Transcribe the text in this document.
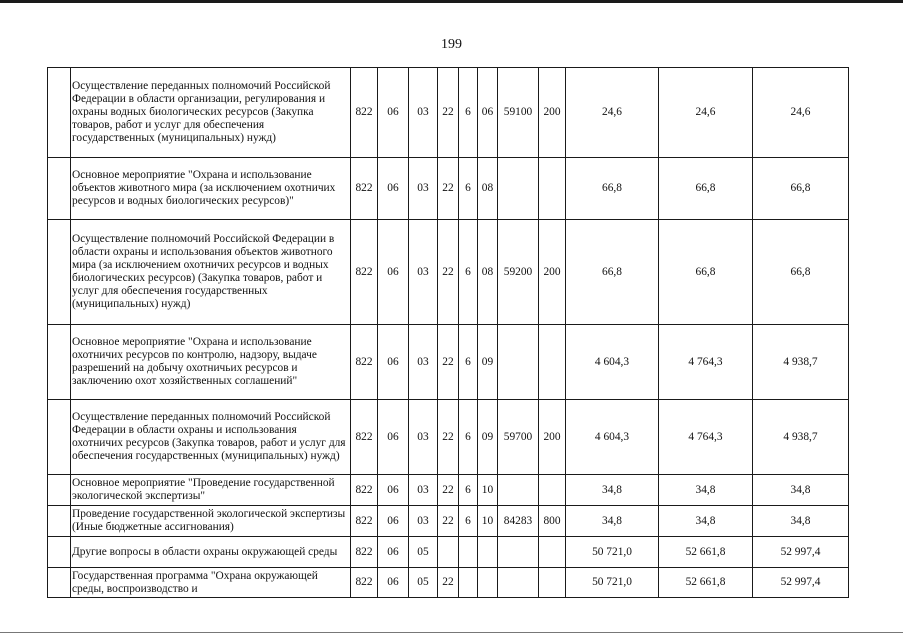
199
	Осуществление переданных полномочий Российской Федерации в области организации, регулирования и охраны водных биологических ресурсов (Закупка товаров, работ и услуг для обеспечения государственных (муниципальных) нужд)	822	06	03	22	6	06	59100	200	24,6	24,6	24,6
	Основное мероприятие "Охрана и использование объектов животного мира (за исключением охотничих ресурсов и водных биологических ресурсов)"	822	06	03	22	6	08			66,8	66,8	66,8
	Осуществление полномочий Российской Федерации в области охраны и использования объектов животного мира (за исключением охотничих ресурсов и водных биологических ресурсов) (Закупка товаров, работ и услуг для обеспечения государственных (муниципальных) нужд)	822	06	03	22	6	08	59200	200	66,8	66,8	66,8
	Основное мероприятие "Охрана и использование охотничих ресурсов по контролю, надзору, выдаче разрешений на добычу охотничьих ресурсов и заключению охот хозяйственных соглашений"	822	06	03	22	6	09			4 604,3	4 764,3	4 938,7
	Осуществление переданных полномочий Российской Федерации в области охраны и использования охотничих ресурсов (Закупка товаров, работ и услуг для обеспечения государственных (муниципальных) нужд)	822	06	03	22	6	09	59700	200	4 604,3	4 764,3	4 938,7
	Основное мероприятие "Проведение государственной экологической экспертизы"	822	06	03	22	6	10			34,8	34,8	34,8
	Проведение государственной экологической экспертизы (Иные бюджетные ассигнования)	822	06	03	22	6	10	84283	800	34,8	34,8	34,8
	Другие вопросы в области охраны окружающей среды	822	06	05						50 721,0	52 661,8	52 997,4
	Государственная программа "Охрана окружающей среды, воспроизводство и	822	06	05	22					50 721,0	52 661,8	52 997,4
